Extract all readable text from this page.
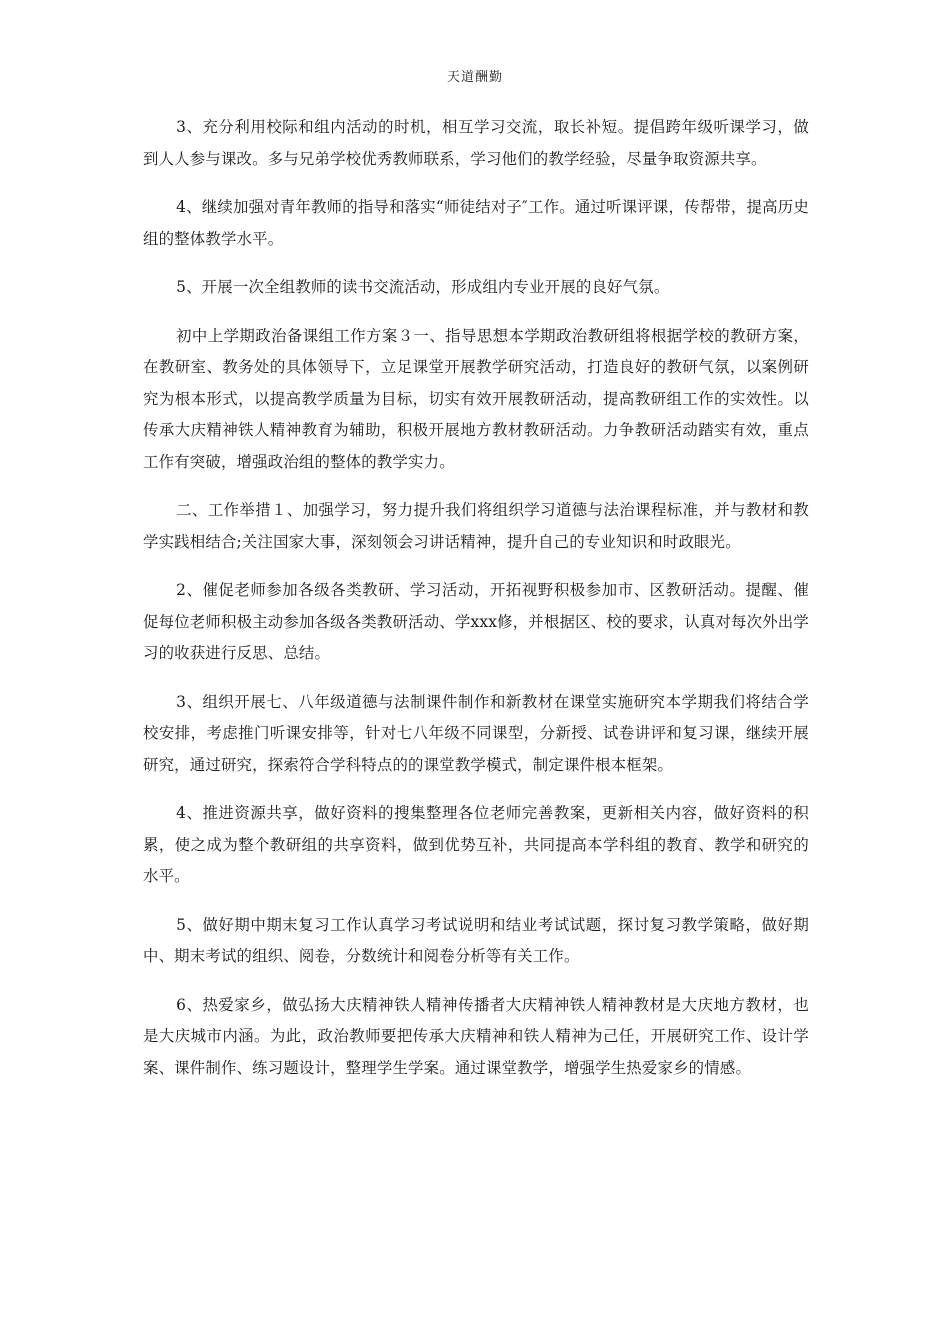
天道酬勤

3、充分利用校际和组内活动的时机，相互学习交流，取长补短。提倡跨年级听课学习，做到人人参与课改。多与兄弟学校优秀教师联系，学习他们的教学经验，尽量争取资源共享。

4、继续加强对青年教师的指导和落实“师徒结对子″工作。通过听课评课，传帮带，提高历史组的整体教学水平。

5、开展一次全组教师的读书交流活动，形成组内专业开展的良好气氛。

初中上学期政治备课组工作方案３一、指导思想本学期政治教研组将根据学校的教研方案，在教研室、教务处的具体领导下，立足课堂开展教学研究活动，打造良好的教研气氛，以案例研究为根本形式，以提高教学质量为目标，切实有效开展教研活动，提高教研组工作的实效性。以传承大庆精神铁人精神教育为辅助，积极开展地方教材教研活动。力争教研活动踏实有效，重点工作有突破，增强政治组的整体的教学实力。

二、工作举措１、加强学习，努力提升我们将组织学习道德与法治课程标准，并与教材和教学实践相结合;关注国家大事，深刻领会习讲话精神，提升自己的专业知识和时政眼光。

2、催促老师参加各级各类教研、学习活动，开拓视野积极参加市、区教研活动。提醒、催促每位老师积极主动参加各级各类教研活动、学xxx修，并根据区、校的要求，认真对每次外出学习的收获进行反思、总结。

3、组织开展七、八年级道德与法制课件制作和新教材在课堂实施研究本学期我们将结合学校安排，考虑推门听课安排等，针对七八年级不同课型，分新授、试卷讲评和复习课，继续开展研究，通过研究，探索符合学科特点的的课堂教学模式，制定课件根本框架。

4、推进资源共享，做好资料的搜集整理各位老师完善教案，更新相关内容，做好资料的积累，使之成为整个教研组的共享资料，做到优势互补，共同提高本学科组的教育、教学和研究的水平。

5、做好期中期末复习工作认真学习考试说明和结业考试试题，探讨复习教学策略，做好期中、期末考试的组织、阅卷，分数统计和阅卷分析等有关工作。

6、热爱家乡，做弘扬大庆精神铁人精神传播者大庆精神铁人精神教材是大庆地方教材，也是大庆城市内涵。为此，政治教师要把传承大庆精神和铁人精神为己任，开展研究工作、设计学案、课件制作、练习题设计，整理学生学案。通过课堂教学，增强学生热爱家乡的情感。
